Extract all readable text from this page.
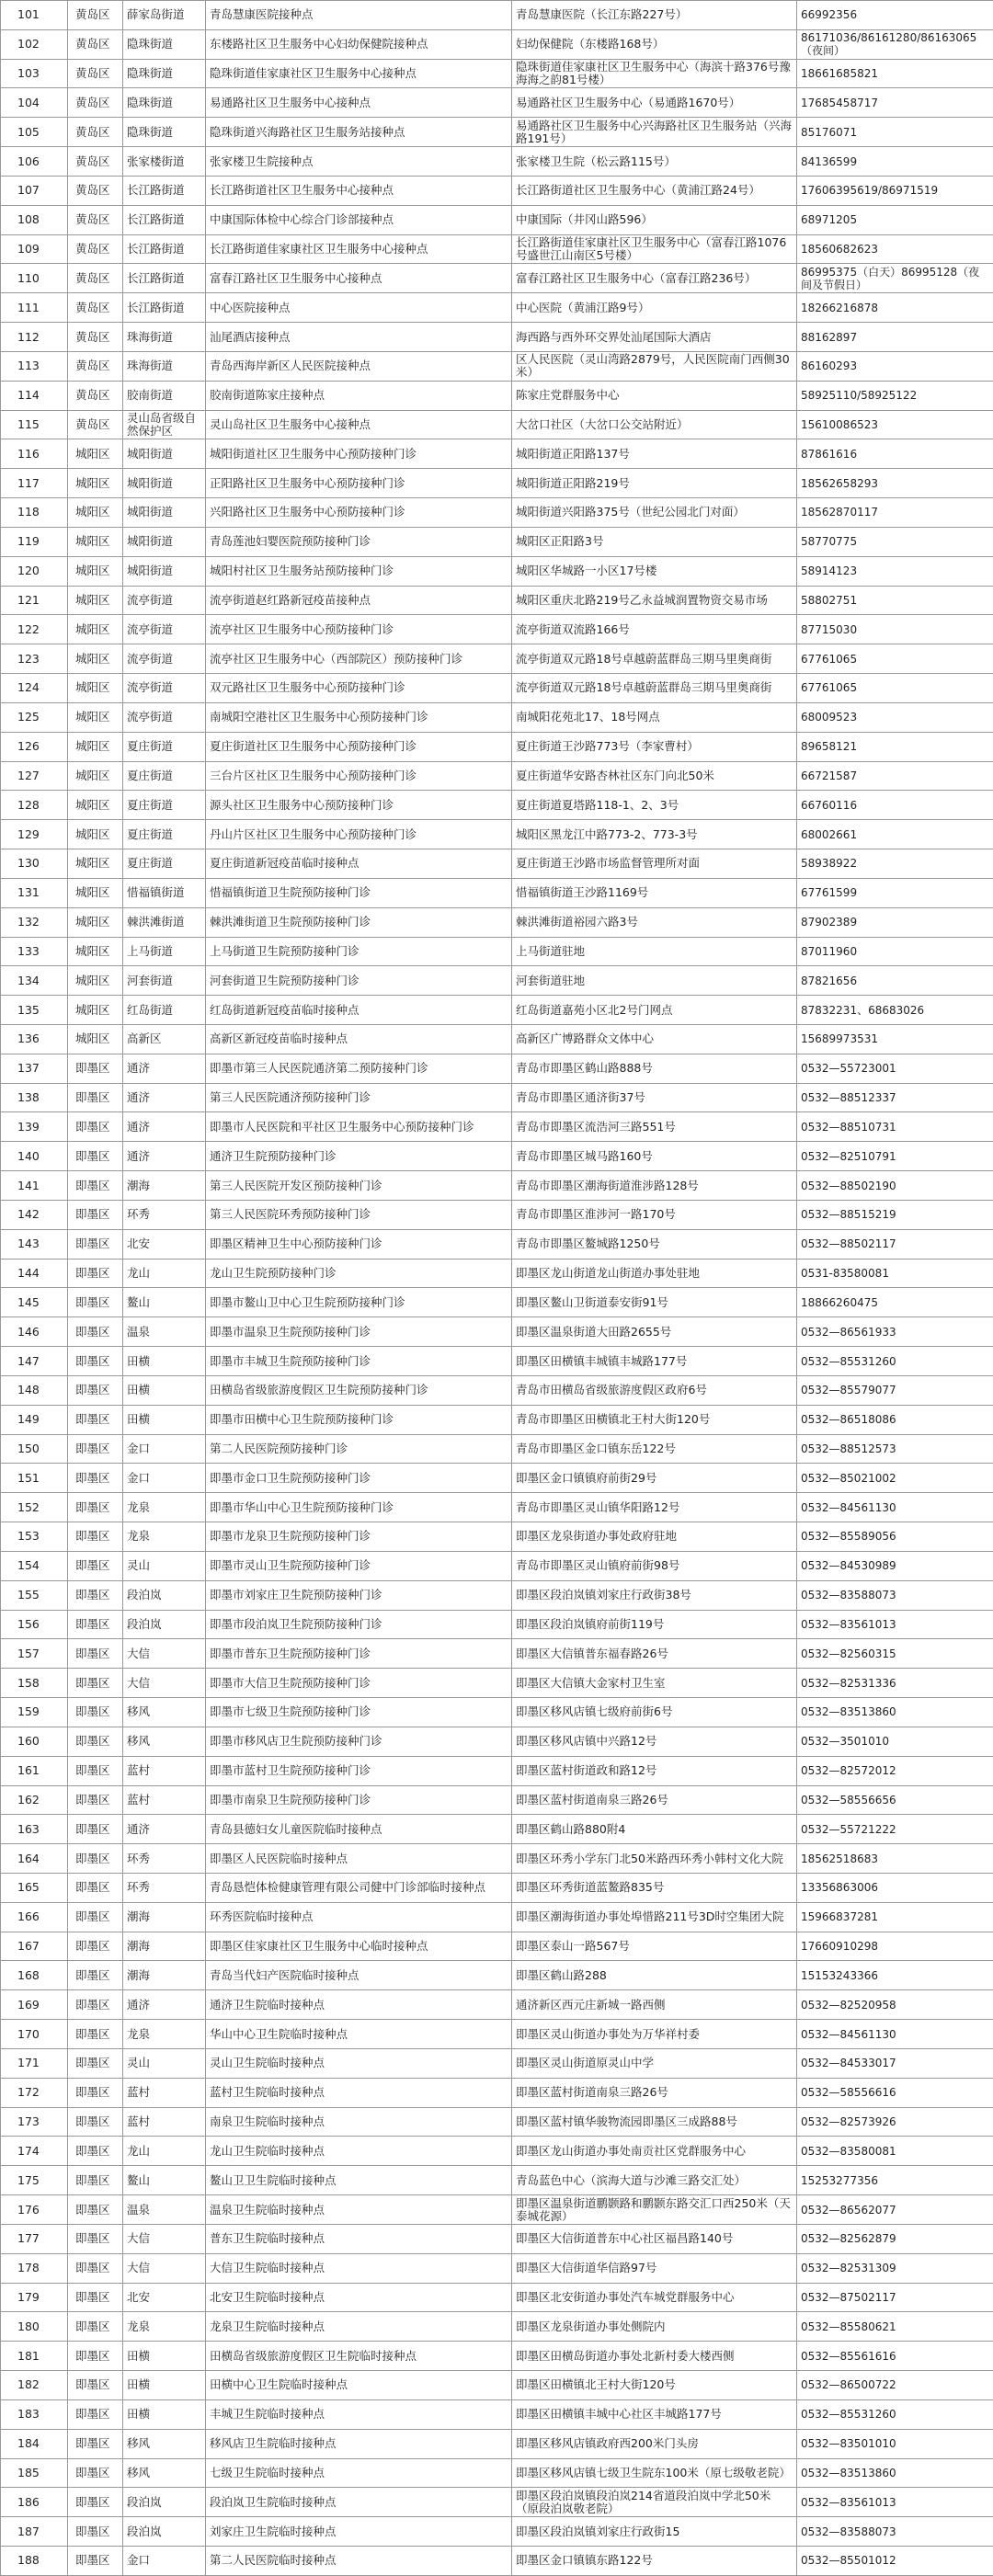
101	黄岛区	薛家岛街道	青岛慧康医院接种点	青岛慧康医院（长江东路227号）	66992356
102	黄岛区	隐珠街道	东楼路社区卫生服务中心妇幼保健院接种点	妇幼保健院（东楼路168号）	86171036/86161280/86163065（夜间）
103	黄岛区	隐珠街道	隐珠街道佳家康社区卫生服务中心接种点	隐珠街道佳家康社区卫生服务中心（海滨十路376号豫海海之韵81号楼）	18661685821
104	黄岛区	隐珠街道	易通路社区卫生服务中心接种点	易通路社区卫生服务中心（易通路1670号）	17685458717
105	黄岛区	隐珠街道	隐珠街道兴海路社区卫生服务站接种点	易通路社区卫生服务中心兴海路社区卫生服务站（兴海路191号）	85176071
106	黄岛区	张家楼街道	张家楼卫生院接种点	张家楼卫生院（松云路115号）	84136599
107	黄岛区	长江路街道	长江路街道社区卫生服务中心接种点	长江路街道社区卫生服务中心（黄浦江路24号）	17606395619/86971519
108	黄岛区	长江路街道	中康国际体检中心综合门诊部接种点	中康国际（井冈山路596）	68971205
109	黄岛区	长江路街道	长江路街道佳家康社区卫生服务中心接种点	长江路街道佳家康社区卫生服务中心（富春江路1076号盛世江山南区5号楼）	18560682623
110	黄岛区	长江路街道	富春江路社区卫生服务中心接种点	富春江路社区卫生服务中心（富春江路236号）	86995375（白天）86995128（夜间及节假日）
111	黄岛区	长江路街道	中心医院接种点	中心医院（黄浦江路9号）	18266216878
112	黄岛区	珠海街道	汕尾酒店接种点	海西路与西外环交界处汕尾国际大酒店	88162897
113	黄岛区	珠海街道	青岛西海岸新区人民医院接种点	区人民医院（灵山湾路2879号，人民医院南门西侧30米）	86160293
114	黄岛区	胶南街道	胶南街道陈家庄接种点	陈家庄党群服务中心	58925110/58925122
115	黄岛区	灵山岛省级自然保护区	灵山岛社区卫生服务中心接种点	大岔口社区（大岔口公交站附近）	15610086523
116	城阳区	城阳街道	城阳街道社区卫生服务中心预防接种门诊	城阳街道正阳路137号	87861616
117	城阳区	城阳街道	正阳路社区卫生服务中心预防接种门诊	城阳街道正阳路219号	18562658293
118	城阳区	城阳街道	兴阳路社区卫生服务中心预防接种门诊	城阳街道兴阳路375号（世纪公园北门对面）	18562870117
119	城阳区	城阳街道	青岛莲池妇婴医院预防接种门诊	城阳区正阳路3号	58770775
120	城阳区	城阳街道	城阳村社区卫生服务站预防接种门诊	城阳区华城路一小区17号楼	58914123
121	城阳区	流亭街道	流亭街道赵红路新冠疫苗接种点	城阳区重庆北路219号乙永益城润置物资交易市场	58802751
122	城阳区	流亭街道	流亭社区卫生服务中心预防接种门诊	流亭街道双流路166号	87715030
123	城阳区	流亭街道	流亭社区卫生服务中心（西部院区）预防接种门诊	流亭街道双元路18号卓越蔚蓝群岛三期马里奥商街	67761065
124	城阳区	流亭街道	双元路社区卫生服务中心预防接种门诊	流亭街道双元路18号卓越蔚蓝群岛三期马里奥商街	67761065
125	城阳区	流亭街道	南城阳空港社区卫生服务中心预防接种门诊	南城阳花苑北17、18号网点	68009523
126	城阳区	夏庄街道	夏庄街道社区卫生服务中心预防接种门诊	夏庄街道王沙路773号（李家曹村）	89658121
127	城阳区	夏庄街道	三台片区社区卫生服务中心预防接种门诊	夏庄街道华安路杏林社区东门向北50米	66721587
128	城阳区	夏庄街道	源头社区卫生服务中心预防接种门诊	夏庄街道夏塔路118-1、2、3号	66760116
129	城阳区	夏庄街道	丹山片区社区卫生服务中心预防接种门诊	城阳区黑龙江中路773-2、773-3号	68002661
130	城阳区	夏庄街道	夏庄街道新冠疫苗临时接种点	夏庄街道王沙路市场监督管理所对面	58938922
131	城阳区	惜福镇街道	惜福镇街道卫生院预防接种门诊	惜福镇街道王沙路1169号	67761599
132	城阳区	棘洪滩街道	棘洪滩街道卫生院预防接种门诊	棘洪滩街道裕园六路3号	87902389
133	城阳区	上马街道	上马街道卫生院预防接种门诊	上马街道驻地	87011960
134	城阳区	河套街道	河套街道卫生院预防接种门诊	河套街道驻地	87821656
135	城阳区	红岛街道	红岛街道新冠疫苗临时接种点	红岛街道嘉苑小区北2号门网点	87832231、68683026
136	城阳区	高新区	高新区新冠疫苗临时接种点	高新区广博路群众文体中心	15689973531
137	即墨区	通济	即墨市第三人民医院通济第二预防接种门诊	青岛市即墨区鹤山路888号	0532—55723001
138	即墨区	通济	第三人民医院通济预防接种门诊	青岛市即墨区通济街37号	0532—88512337
139	即墨区	通济	即墨市人民医院和平社区卫生服务中心预防接种门诊	青岛市即墨区流浩河三路551号	0532—88510731
140	即墨区	通济	通济卫生院预防接种门诊	青岛市即墨区城马路160号	0532—82510791
141	即墨区	潮海	第三人民医院开发区预防接种门诊	青岛市即墨区潮海街道淮涉路128号	0532—88502190
142	即墨区	环秀	第三人民医院环秀预防接种门诊	青岛市即墨区淮涉河一路170号	0532—88515219
143	即墨区	北安	即墨区精神卫生中心预防接种门诊	青岛市即墨区鳌城路1250号	0532—88502117
144	即墨区	龙山	龙山卫生院预防接种门诊	即墨区龙山街道龙山街道办事处驻地	0531-83580081
145	即墨区	鳌山	即墨市鳌山卫中心卫生院预防接种门诊	即墨区鳌山卫街道泰安街91号	18866260475
146	即墨区	温泉	即墨市温泉卫生院预防接种门诊	即墨区温泉街道大田路2655号	0532—86561933
147	即墨区	田横	即墨市丰城卫生院预防接种门诊	即墨区田横镇丰城镇丰城路177号	0532—85531260
148	即墨区	田横	田横岛省级旅游度假区卫生院预防接种门诊	青岛市田横岛省级旅游度假区政府6号	0532—85579077
149	即墨区	田横	即墨市田横中心卫生院预防接种门诊	青岛市即墨区田横镇北王村大街120号	0532—86518086
150	即墨区	金口	第二人民医院预防接种门诊	青岛市即墨区金口镇东岳122号	0532—88512573
151	即墨区	金口	即墨市金口卫生院预防接种门诊	即墨区金口镇镇府前街29号	0532—85021002
152	即墨区	龙泉	即墨市华山中心卫生院预防接种门诊	青岛市即墨区灵山镇华阳路12号	0532—84561130
153	即墨区	龙泉	即墨市龙泉卫生院预防接种门诊	即墨区龙泉街道办事处政府驻地	0532—85589056
154	即墨区	灵山	即墨市灵山卫生院预防接种门诊	青岛市即墨区灵山镇府前街98号	0532—84530989
155	即墨区	段泊岚	即墨市刘家庄卫生院预防接种门诊	即墨区段泊岚镇刘家庄行政街38号	0532—83588073
156	即墨区	段泊岚	即墨市段泊岚卫生院预防接种门诊	即墨区段泊岚镇府前街119号	0532—83561013
157	即墨区	大信	即墨市普东卫生院预防接种门诊	即墨区大信镇普东福春路26号	0532—82560315
158	即墨区	大信	即墨市大信卫生院预防接种门诊	即墨区大信镇大金家村卫生室	0532—82531336
159	即墨区	移风	即墨市七级卫生院预防接种门诊	即墨区移风店镇七级府前街6号	0532—83513860
160	即墨区	移风	即墨市移风店卫生院预防接种门诊	即墨区移风店镇中兴路12号	0532—3501010
161	即墨区	蓝村	即墨市蓝村卫生院预防接种门诊	即墨区蓝村街道政和路12号	0532—82572012
162	即墨区	蓝村	即墨市南泉卫生院预防接种门诊	即墨区蓝村街道南泉三路26号	0532—58556656
163	即墨区	通济	青岛县德妇女儿童医院临时接种点	即墨区鹤山路880附4	0532—55721222
164	即墨区	环秀	即墨区人民医院临时接种点	即墨区环秀小学东门北50米路西环秀小韩村文化大院	18562518683
165	即墨区	环秀	青岛恳恺体检健康管理有限公司健中门诊部临时接种点	即墨区环秀街道蓝鳌路835号	13356863006
166	即墨区	潮海	环秀医院临时接种点	即墨区潮海街道办事处埠惜路211号3D时空集团大院	15966837281
167	即墨区	潮海	即墨区佳家康社区卫生服务中心临时接种点	即墨区泰山一路567号	17660910298
168	即墨区	潮海	青岛当代妇产医院临时接种点	即墨区鹤山路288	15153243366
169	即墨区	通济	通济卫生院临时接种点	通济新区西元庄新城一路西侧	0532—82520958
170	即墨区	龙泉	华山中心卫生院临时接种点	即墨区灵山街道办事处为万华祥村委	0532—84561130
171	即墨区	灵山	灵山卫生院临时接种点	即墨区灵山街道原灵山中学	0532—84533017
172	即墨区	蓝村	蓝村卫生院临时接种点	即墨区蓝村街道南泉三路26号	0532—58556616
173	即墨区	蓝村	南泉卫生院临时接种点	即墨区蓝村镇华骏物流园即墨区三成路88号	0532—82573926
174	即墨区	龙山	龙山卫生院临时接种点	即墨区龙山街道办事处南贡社区党群服务中心	0532—83580081
175	即墨区	鳌山	鳌山卫卫生院临时接种点	青岛蓝色中心（滨海大道与沙滩三路交汇处）	15253277356
176	即墨区	温泉	温泉卫生院临时接种点	即墨区温泉街道鹏颢路和鹏颢东路交汇口西250米（天泰城花源）	0532—86562077
177	即墨区	大信	普东卫生院临时接种点	即墨区大信街道普东中心社区福昌路140号	0532—82562879
178	即墨区	大信	大信卫生院临时接种点	即墨区大信街道华信路97号	0532—82531309
179	即墨区	北安	北安卫生院临时接种点	即墨区北安街道办事处汽车城党群服务中心	0532—87502117
180	即墨区	龙泉	龙泉卫生院临时接种点	即墨区龙泉街道办事处侧院内	0532—85580621
181	即墨区	田横	田横岛省级旅游度假区卫生院临时接种点	即墨区田横岛街道办事处北新村委大楼西侧	0532—85561616
182	即墨区	田横	田横中心卫生院临时接种点	即墨区田横镇北王村大街120号	0532—86500722
183	即墨区	田横	丰城卫生院临时接种点	即墨区田横镇丰城中心社区丰城路177号	0532—85531260
184	即墨区	移风	移风店卫生院临时接种点	即墨区移风店镇政府西200米门头房	0532—83501010
185	即墨区	移风	七级卫生院临时接种点	即墨区移风店镇七级卫生院东100米（原七级敬老院）	0532—83513860
186	即墨区	段泊岚	段泊岚卫生院临时接种点	即墨区段泊岚镇段泊岚214省道段泊岚中学北50米（原段泊岚敬老院）	0532—83561013
187	即墨区	段泊岚	刘家庄卫生院临时接种点	即墨区段泊岚镇刘家庄行政街15	0532—83588073
188	即墨区	金口	第二人民医院临时接种点	即墨区金口镇镇东路122号	0532—85501012
